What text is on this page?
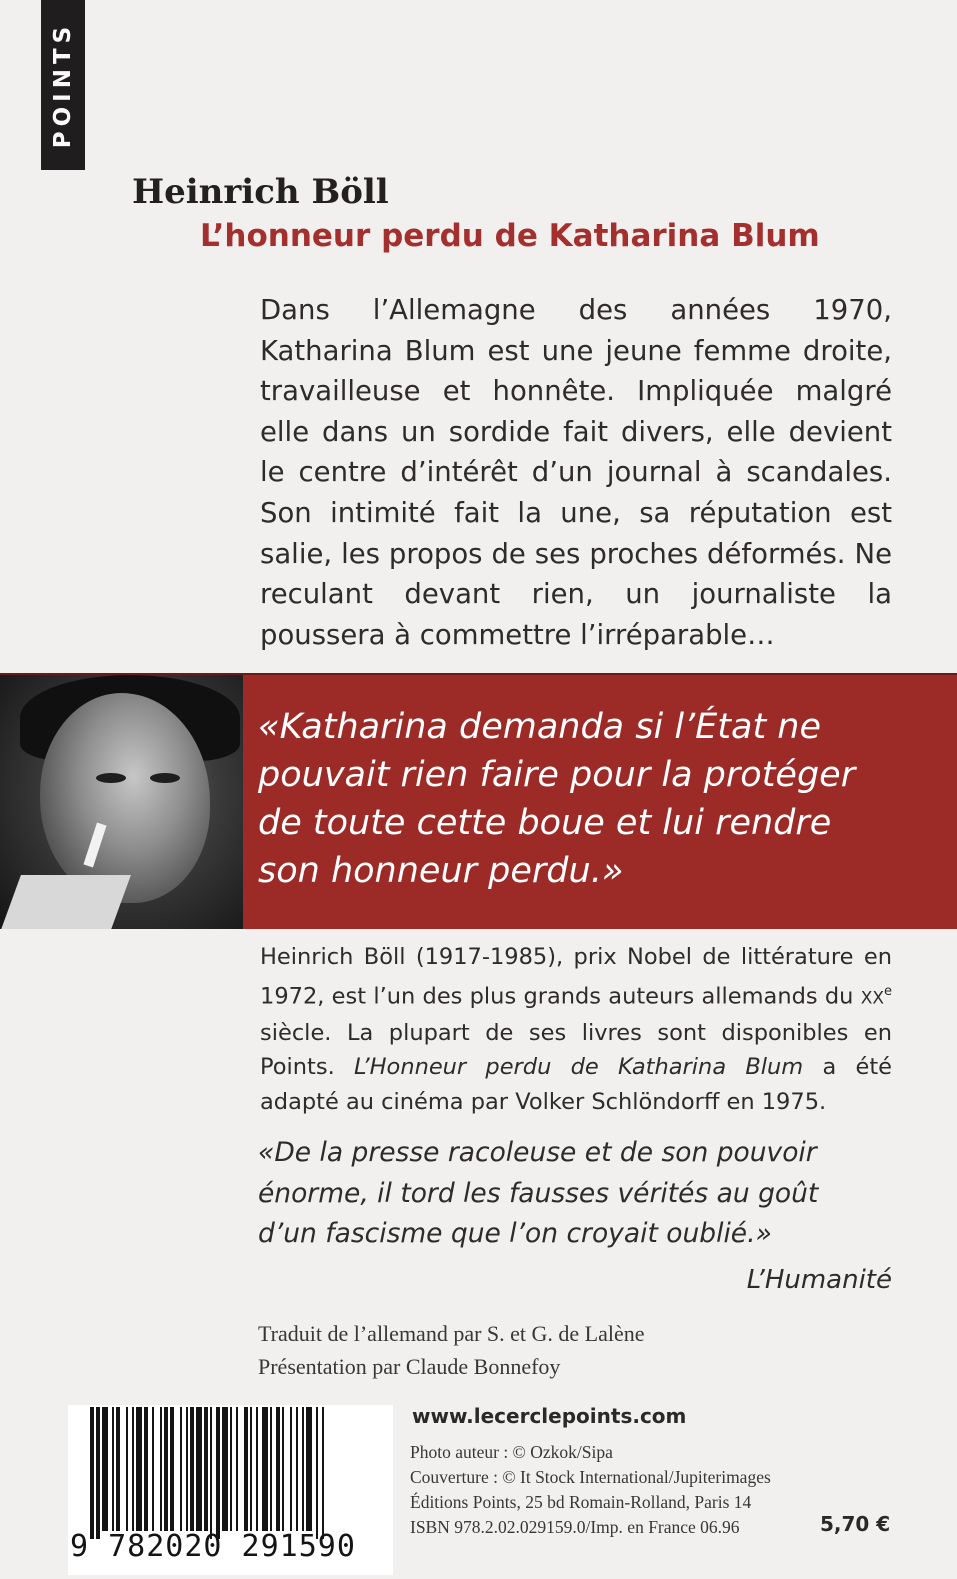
POINTS
Heinrich Böll
L’honneur perdu de Katharina Blum

Dans l’Allemagne des années 1970, Katharina Blum est une jeune femme droite, travailleuse et honnête. Impliquée malgré elle dans un sordide fait divers, elle devient le centre d’intérêt d’un journal à scandales. Son intimité fait la une, sa réputation est salie, les propos de ses proches déformés. Ne reculant devant rien, un journaliste la poussera à commettre l’irréparable…

«Katharina demanda si l’État ne
pouvait rien faire pour la protéger
de toute cette boue et lui rendre
son honneur perdu.»

Heinrich Böll (1917-1985), prix Nobel de littérature en 1972, est l’un des plus grands auteurs allemands du XXe siècle. La plupart de ses livres sont disponibles en Points. L’Honneur perdu de Katharina Blum a été adapté au cinéma par Volker Schlöndorff en 1975.

«De la presse racoleuse et de son pouvoir
énorme, il tord les fausses vérités au goût
d’un fascisme que l’on croyait oublié.»

L’Humanité
Traduit de l’allemand par S. et G. de Lalène
Présentation par Claude Bonnefoy
9 782020 291590
www.lecerclepoints.com
Photo auteur : © Ozkok/Sipa
Couverture : © It Stock International/Jupiterimages
Éditions Points, 25 bd Romain-Rolland, Paris 14
ISBN 978.2.02.029159.0/Imp. en France 06.96	5,70 €
